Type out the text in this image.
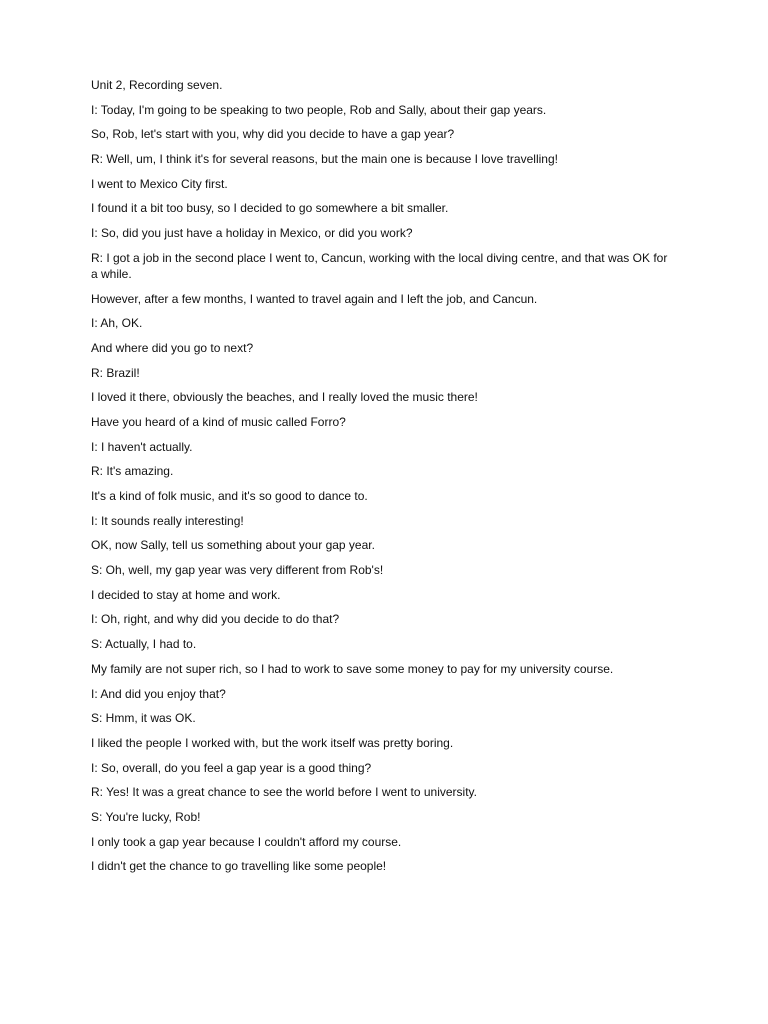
Unit 2, Recording seven.

I: Today, I'm going to be speaking to two people, Rob and Sally, about their gap years.

So, Rob, let's start with you, why did you decide to have a gap year?

R: Well, um, I think it's for several reasons, but the main one is because I love travelling!

I went to Mexico City first.

I found it a bit too busy, so I decided to go somewhere a bit smaller.

I: So, did you just have a holiday in Mexico, or did you work?

R: I got a job in the second place I went to, Cancun, working with the local diving centre, and that was OK for a while.

However, after a few months, I wanted to travel again and I left the job, and Cancun.

I: Ah, OK.

And where did you go to next?

R: Brazil!

I loved it there, obviously the beaches, and I really loved the music there!

Have you heard of a kind of music called Forro?

I: I haven't actually.

R: It's amazing.

It's a kind of folk music, and it's so good to dance to.

I: It sounds really interesting!

OK, now Sally, tell us something about your gap year.

S: Oh, well, my gap year was very different from Rob's!

I decided to stay at home and work.

I: Oh, right, and why did you decide to do that?

S: Actually, I had to.

My family are not super rich, so I had to work to save some money to pay for my university course.

I: And did you enjoy that?

S: Hmm, it was OK.

I liked the people I worked with, but the work itself was pretty boring.

I: So, overall, do you feel a gap year is a good thing?

R: Yes! It was a great chance to see the world before I went to university.

S: You're lucky, Rob!

I only took a gap year because I couldn't afford my course.

I didn't get the chance to go travelling like some people!
